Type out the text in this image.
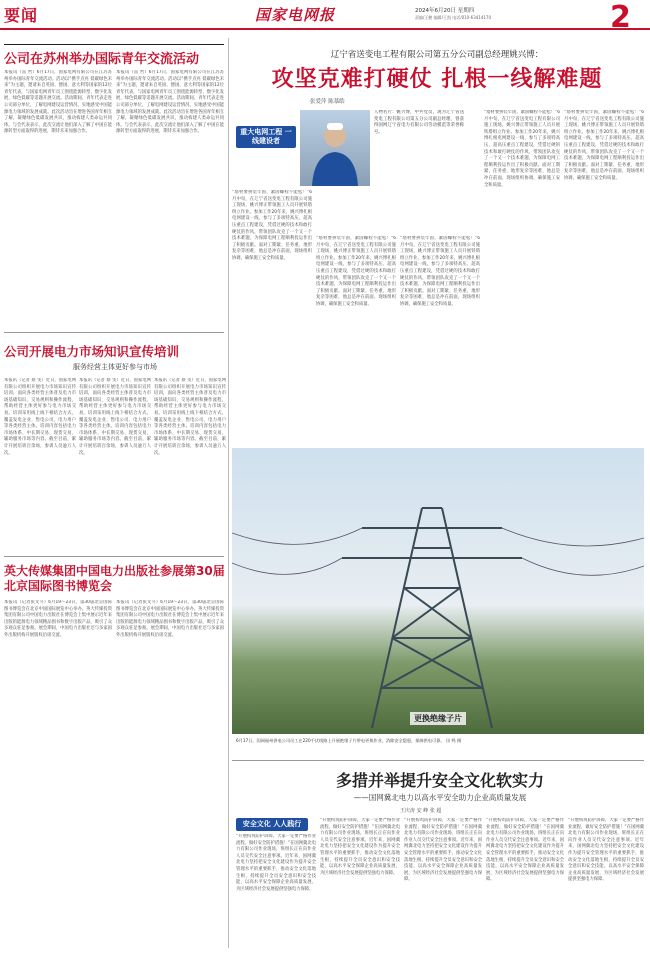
要闻	国家电网报	2024年6月20日 星期四
责编/王鹏 编辑/王凯 电话/010-63414170	2
公司在苏州举办国际青年交流活动
本报讯（雷 哲）6月17日，国家电网有限公司在江苏苏州举办国际青年交流活动。活动以“携手点亮 低碳绿色未来”为主题，邀请来自英国、德国、意大利等国家的12位青年代表，与国家电网青年员工围绕能源转型、数字化发展、绿色低碳等话题开展交流。活动期间，青年代表走进公司部分单位，了解电网建设运营情况，实地感受中国能源电力领域的发展成就。此次活动旨在增进各国青年相互了解，凝聚绿色低碳发展共识，推动构建人类命运共同体。与会代表表示，此次交流让他们深入了解了中国在能源转型方面取得的进展，期待未来加强合作。
本报讯（雷 哲）6月17日，国家电网有限公司在江苏苏州举办国际青年交流活动。活动以“携手点亮 低碳绿色未来”为主题，邀请来自英国、德国、意大利等国家的12位青年代表，与国家电网青年员工围绕能源转型、数字化发展、绿色低碳等话题开展交流。活动期间，青年代表走进公司部分单位，了解电网建设运营情况，实地感受中国能源电力领域的发展成就。此次活动旨在增进各国青年相互了解，凝聚绿色低碳发展共识，推动构建人类命运共同体。与会代表表示，此次交流让他们深入了解了中国在能源转型方面取得的进展，期待未来加强合作。
公司开展电力市场知识宣传培训
服务经营主体更好参与市场
本报讯（记者 蔡 雯）近日，国家电网有限公司组织开展电力市场知识宣传培训，面向各类经营主体普及电力市场基础知识、交易规则和操作流程，帮助经营主体更好参与电力市场交易。培训采用线上线下相结合方式，覆盖发电企业、售电公司、电力用户等各类经营主体。培训内容包括电力市场体系、中长期交易、现货交易、辅助服务市场等内容。截至目前，累计开展培训百余场，参训人员逾万人次。
本报讯（记者 蔡 雯）近日，国家电网有限公司组织开展电力市场知识宣传培训，面向各类经营主体普及电力市场基础知识、交易规则和操作流程，帮助经营主体更好参与电力市场交易。培训采用线上线下相结合方式，覆盖发电企业、售电公司、电力用户等各类经营主体。培训内容包括电力市场体系、中长期交易、现货交易、辅助服务市场等内容。截至目前，累计开展培训百余场，参训人员逾万人次。
本报讯（记者 蔡 雯）近日，国家电网有限公司组织开展电力市场知识宣传培训，面向各类经营主体普及电力市场基础知识、交易规则和操作流程，帮助经营主体更好参与电力市场交易。培训采用线上线下相结合方式，覆盖发电企业、售电公司、电力用户等各类经营主体。培训内容包括电力市场体系、中长期交易、现货交易、辅助服务市场等内容。截至目前，累计开展培训百余场，参训人员逾万人次。
英大传媒集团中国电力出版社参展第30届北京国际图书博览会
本报讯（记者张文斗）6月19～23日，第30届北京国际图书博览会在北京中国国际展览中心举办。英大传媒投资集团有限公司中国电力出版社在博览会上集中展示近年来出版的能源电力领域精品图书和数字出版产品，吸引了众多观众驻足参观。展会期间，中国电力出版社还与多家国外出版机构开展版权洽谈交流。
本报讯（记者张文斗）6月19～23日，第30届北京国际图书博览会在北京中国国际展览中心举办。英大传媒投资集团有限公司中国电力出版社在博览会上集中展示近年来出版的能源电力领域精品图书和数字出版产品，吸引了众多观众驻足参观。展会期间，中国电力出版社还与多家国外出版机构开展版权洽谈交流。
辽宁省送变电工程有限公司第五分公司副总经理姚兴博：
攻坚克难打硬仗 扎根一线解难题
张爱萍 陈慕皓
重大电网工程 一线建设者
人物名片：姚兴博，中共党员，现为辽宁省送变电工程有限公司第五分公司副总经理，曾获得国网辽宁省电力有限公司劳动模范等荣誉称号。
“塔材要拼装牢固，紧固螺栓不能松！”6月中旬，在辽宁省送变电工程有限公司施工现场，姚兴博正带领施工人员开展铁塔组立作业。参加工作20年来，姚兴博扎根电网建设一线，参与了多项特高压、超高压重点工程建设，凭借过硬的技术和敢打硬仗的作风，带领团队攻克了一个又一个技术难题，为保障电网工程顺利投运作出了积极贡献。面对工期紧、任务重、地形复杂等困难，他总是冲在前面，现场组织协调，确保施工安全和质量。
“塔材要拼装牢固，紧固螺栓不能松！”6月中旬，在辽宁省送变电工程有限公司施工现场，姚兴博正带领施工人员开展铁塔组立作业。参加工作20年来，姚兴博扎根电网建设一线，参与了多项特高压、超高压重点工程建设，凭借过硬的技术和敢打硬仗的作风，带领团队攻克了一个又一个技术难题，为保障电网工程顺利投运作出了积极贡献。面对工期紧、任务重、地形复杂等困难，他总是冲在前面，现场组织协调，确保施工安全和质量。
“塔材要拼装牢固，紧固螺栓不能松！”6月中旬，在辽宁省送变电工程有限公司施工现场，姚兴博正带领施工人员开展铁塔组立作业。参加工作20年来，姚兴博扎根电网建设一线，参与了多项特高压、超高压重点工程建设，凭借过硬的技术和敢打硬仗的作风，带领团队攻克了一个又一个技术难题，为保障电网工程顺利投运作出了积极贡献。面对工期紧、任务重、地形复杂等困难，他总是冲在前面，现场组织协调，确保施工安全和质量。
“塔材要拼装牢固，紧固螺栓不能松！”6月中旬，在辽宁省送变电工程有限公司施工现场，姚兴博正带领施工人员开展铁塔组立作业。参加工作20年来，姚兴博扎根电网建设一线，参与了多项特高压、超高压重点工程建设，凭借过硬的技术和敢打硬仗的作风，带领团队攻克了一个又一个技术难题，为保障电网工程顺利投运作出了积极贡献。面对工期紧、任务重、地形复杂等困难，他总是冲在前面，现场组织协调，确保施工安全和质量。
“塔材要拼装牢固，紧固螺栓不能松！”6月中旬，在辽宁省送变电工程有限公司施工现场，姚兴博正带领施工人员开展铁塔组立作业。参加工作20年来，姚兴博扎根电网建设一线，参与了多项特高压、超高压重点工程建设，凭借过硬的技术和敢打硬仗的作风，带领团队攻克了一个又一个技术难题，为保障电网工程顺利投运作出了积极贡献。面对工期紧、任务重、地形复杂等困难，他总是冲在前面，现场组织协调，确保施工安全和质量。
更换绝缘子片
6月17日，国网福州供电公司员工在220千伏线路上开展绝缘子片带电更换作业，消除安全隐患，保障供电可靠。 田 鸣 摄
多措并举提升安全文化软实力
——国网冀北电力以高水平安全助力企业高质量发展
王庆涛 安 峰 张 超
安全文化 人人践行
“开展构筑防护屏障，大家一定要严格作业流程，做好安全防护措施！”在国网冀北电力有限公司作业现场，班组长正在向作业人员交代安全注意事项。近年来，国网冀北电力坚持把安全文化建设作为提升安全管理水平的重要抓手，推动安全文化落地生根，持续提升全员安全意识和安全技能，以高水平安全保障企业高质量发展，为区域经济社会发展提供坚强电力保障。
“开展构筑防护屏障，大家一定要严格作业流程，做好安全防护措施！”在国网冀北电力有限公司作业现场，班组长正在向作业人员交代安全注意事项。近年来，国网冀北电力坚持把安全文化建设作为提升安全管理水平的重要抓手，推动安全文化落地生根，持续提升全员安全意识和安全技能，以高水平安全保障企业高质量发展，为区域经济社会发展提供坚强电力保障。
“开展构筑防护屏障，大家一定要严格作业流程，做好安全防护措施！”在国网冀北电力有限公司作业现场，班组长正在向作业人员交代安全注意事项。近年来，国网冀北电力坚持把安全文化建设作为提升安全管理水平的重要抓手，推动安全文化落地生根，持续提升全员安全意识和安全技能，以高水平安全保障企业高质量发展，为区域经济社会发展提供坚强电力保障。
“开展构筑防护屏障，大家一定要严格作业流程，做好安全防护措施！”在国网冀北电力有限公司作业现场，班组长正在向作业人员交代安全注意事项。近年来，国网冀北电力坚持把安全文化建设作为提升安全管理水平的重要抓手，推动安全文化落地生根，持续提升全员安全意识和安全技能，以高水平安全保障企业高质量发展，为区域经济社会发展提供坚强电力保障。
“开展构筑防护屏障，大家一定要严格作业流程，做好安全防护措施！”在国网冀北电力有限公司作业现场，班组长正在向作业人员交代安全注意事项。近年来，国网冀北电力坚持把安全文化建设作为提升安全管理水平的重要抓手，推动安全文化落地生根，持续提升全员安全意识和安全技能，以高水平安全保障企业高质量发展，为区域经济社会发展提供坚强电力保障。
